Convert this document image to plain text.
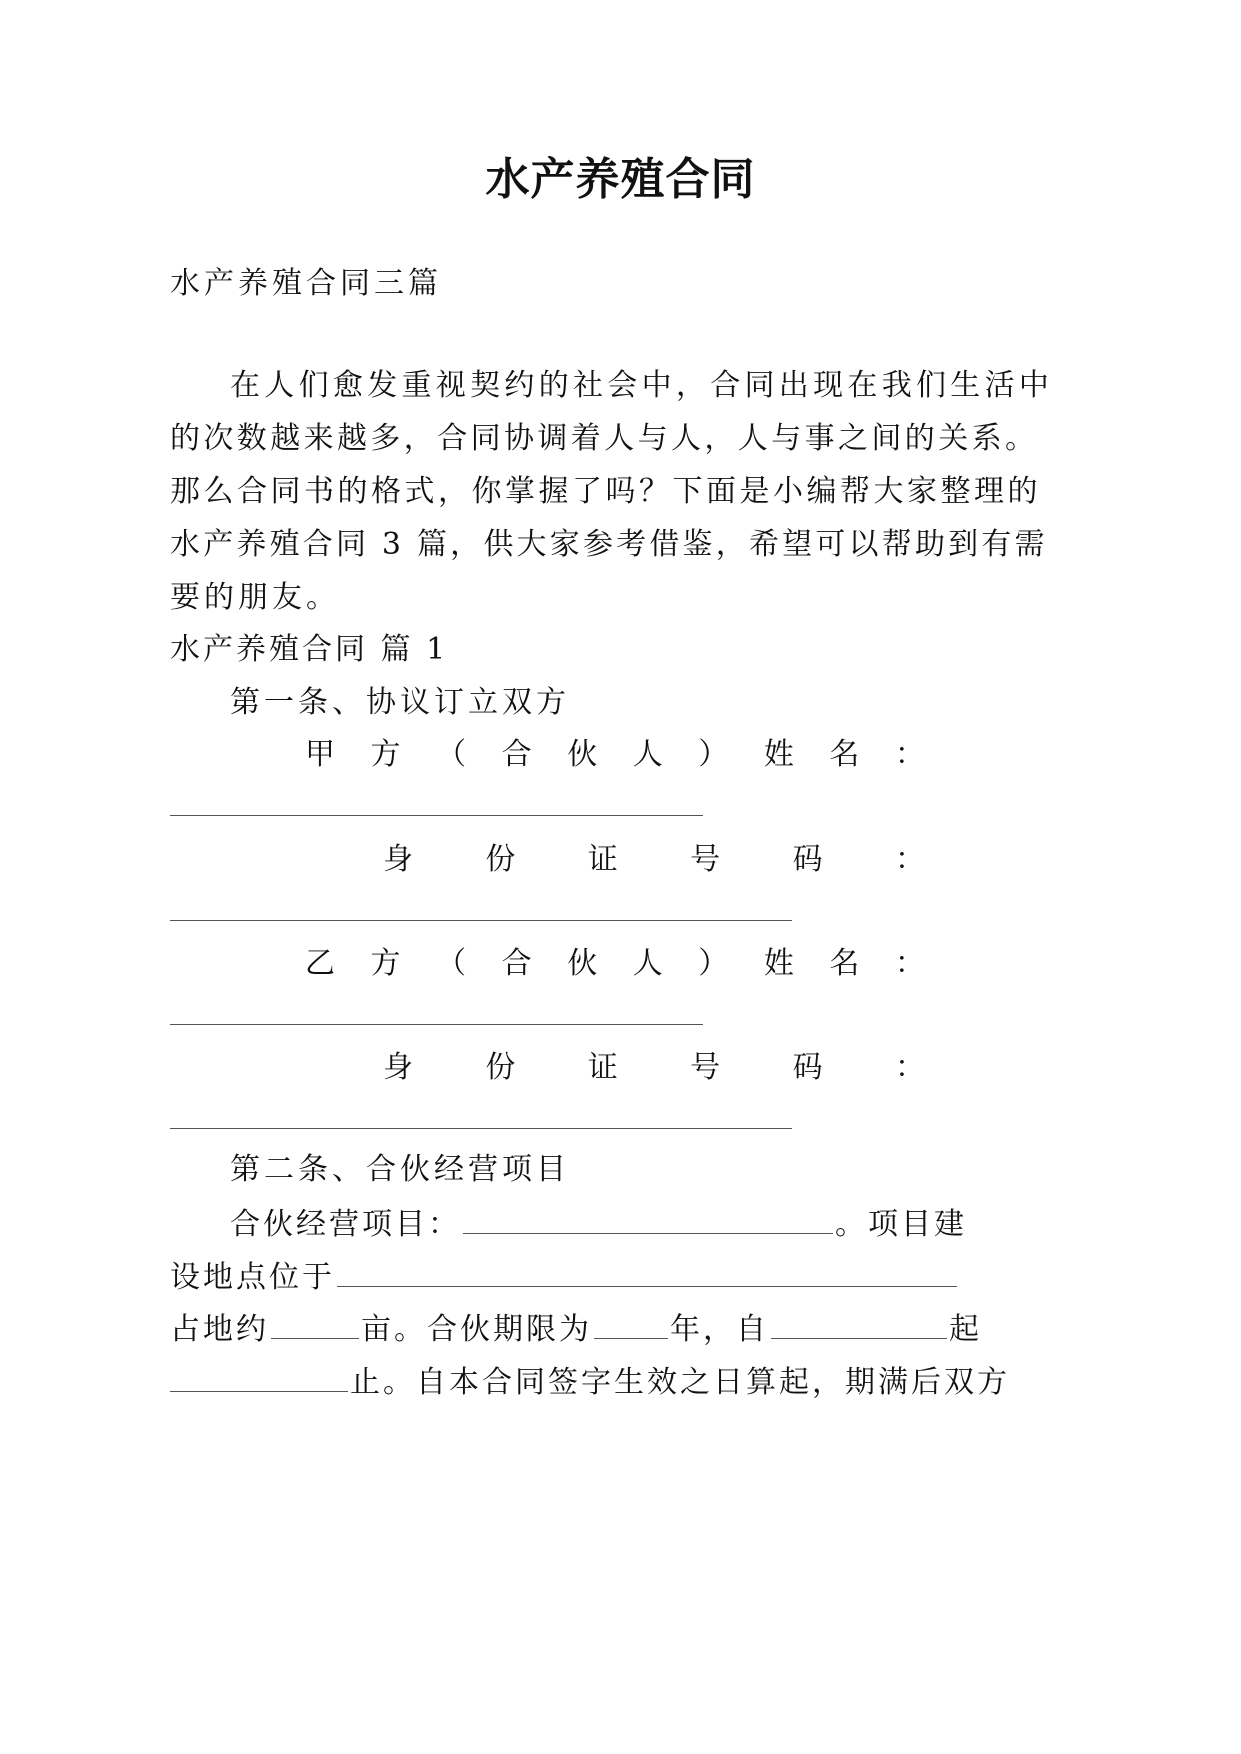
水产养殖合同
水产养殖合同三篇
在人们愈发重视契约的社会中，合同出现在我们生活中
的次数越来越多，合同协调着人与人，人与事之间的关系。
那么合同书的格式，你掌握了吗？下面是小编帮大家整理的
水产养殖合同 3 篇，供大家参考借鉴，希望可以帮助到有需
要的朋友。
水产养殖合同 篇 1
第一条、协议订立双方
甲 方 （ 合 伙 人 ） 姓 名 ：
身 份 证 号 码 ：
乙 方 （ 合 伙 人 ） 姓 名 ：
身 份 证 号 码 ：
第二条、合伙经营项目
合伙经营项目：	。项目建
设地点位于
占地约	亩。合伙期限为	年，自	起
止。自本合同签字生效之日算起，期满后双方
